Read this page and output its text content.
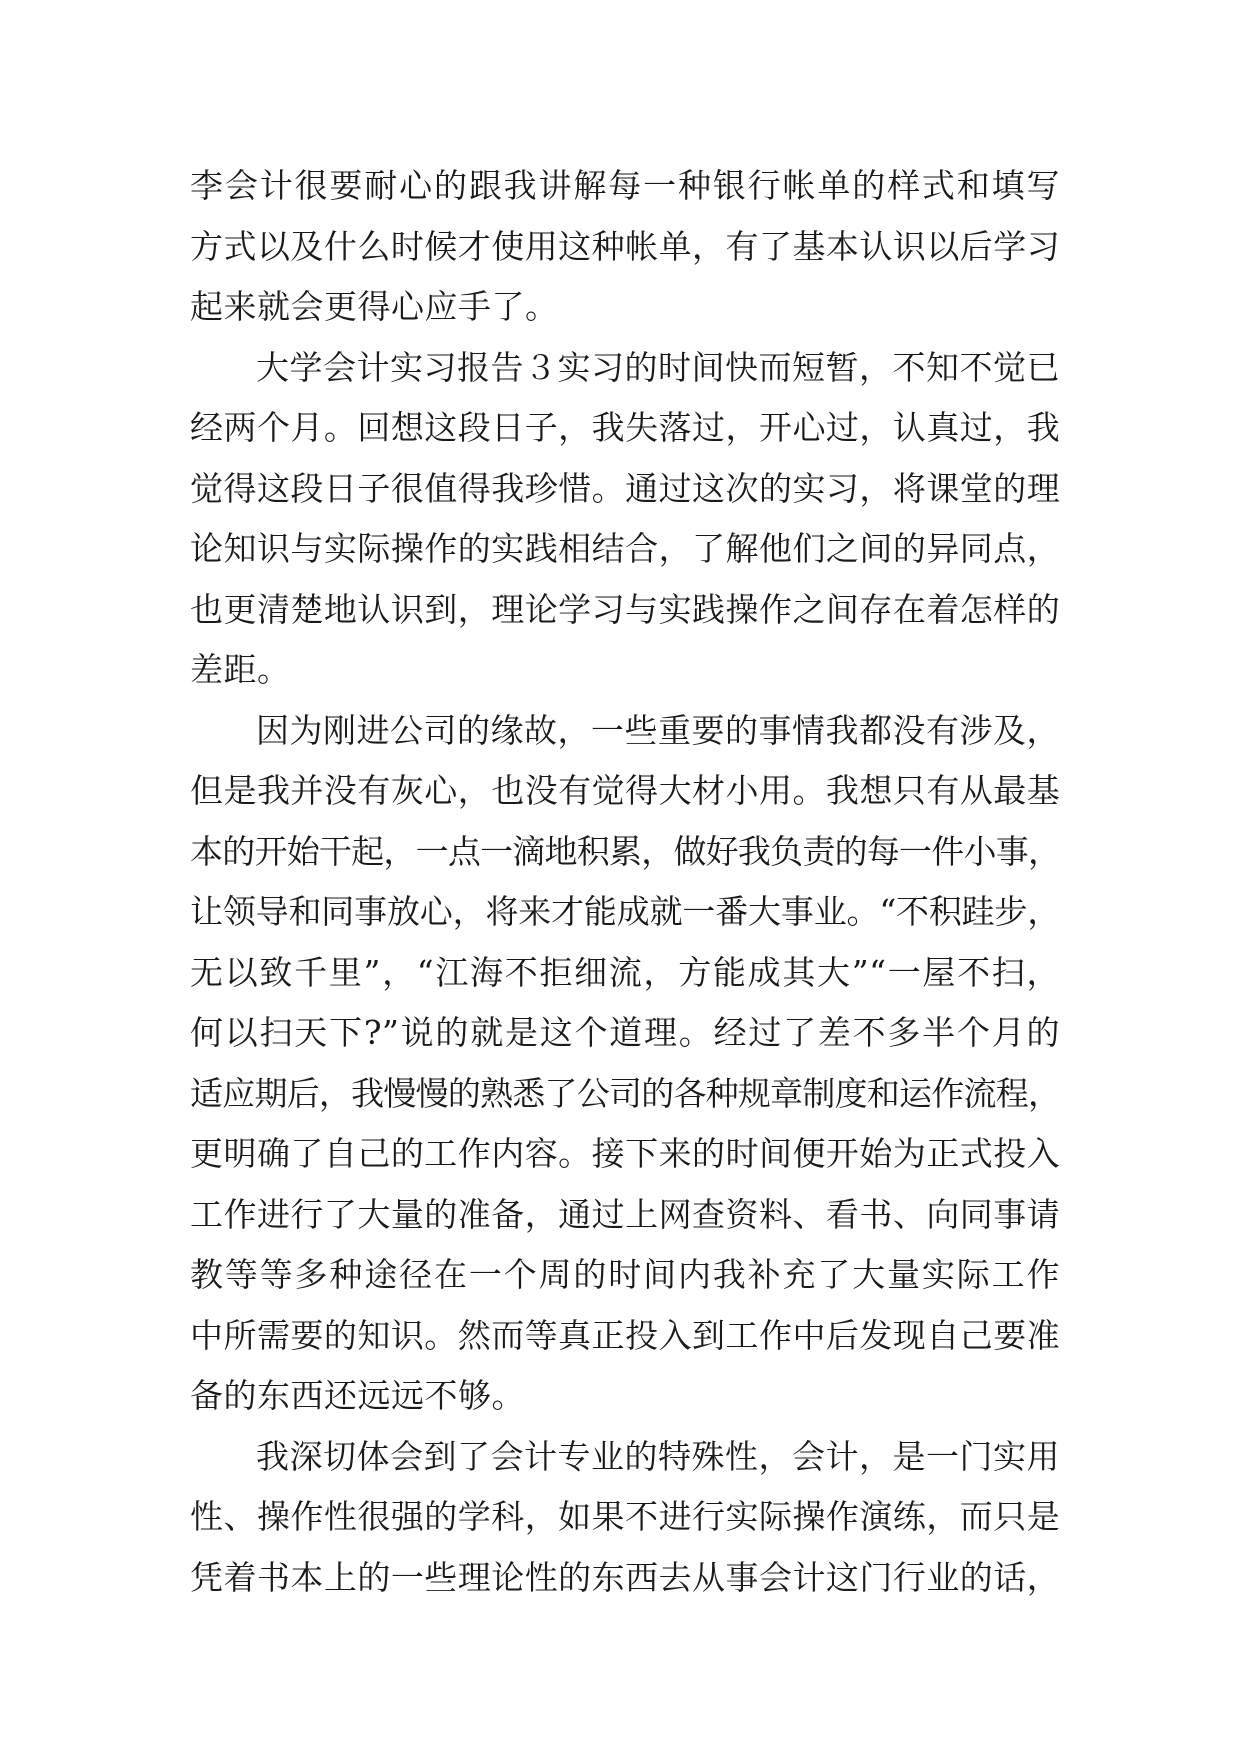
李会计很要耐心的跟我讲解每一种银行帐单的样式和填写
方式以及什么时候才使用这种帐单，有了基本认识以后学习
起来就会更得心应手了。

大学会计实习报告３实习的时间快而短暂，不知不觉已
经两个月。回想这段日子，我失落过，开心过，认真过，我
觉得这段日子很值得我珍惜。通过这次的实习，将课堂的理
论知识与实际操作的实践相结合，了解他们之间的异同点，
也更清楚地认识到，理论学习与实践操作之间存在着怎样的
差距。

因为刚进公司的缘故，一些重要的事情我都没有涉及，
但是我并没有灰心，也没有觉得大材小用。我想只有从最基
本的开始干起，一点一滴地积累，做好我负责的每一件小事，
让领导和同事放心，将来才能成就一番大事业。“不积跬步，
无以致千里”，“江海不拒细流，方能成其大”“一屋不扫，
何以扫天下?”说的就是这个道理。经过了差不多半个月的
适应期后，我慢慢的熟悉了公司的各种规章制度和运作流程，
更明确了自己的工作内容。接下来的时间便开始为正式投入
工作进行了大量的准备，通过上网查资料、看书、向同事请
教等等多种途径在一个周的时间内我补充了大量实际工作
中所需要的知识。然而等真正投入到工作中后发现自己要准
备的东西还远远不够。

我深切体会到了会计专业的特殊性，会计，是一门实用
性、操作性很强的学科，如果不进行实际操作演练，而只是
凭着书本上的一些理论性的东西去从事会计这门行业的话，
